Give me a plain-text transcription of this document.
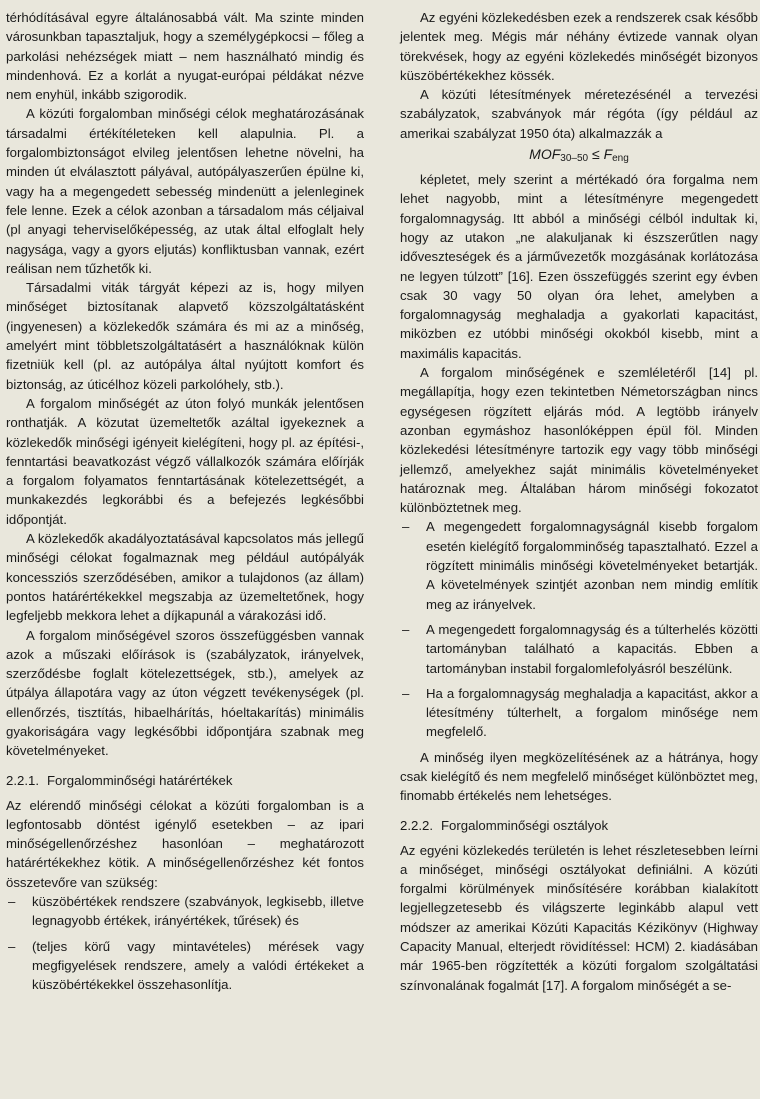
térhódításával egyre általánosabbá vált. Ma szinte minden városunkban tapasztaljuk, hogy a személygépkocsi – főleg a parkolási nehézségek miatt – nem használható mindig és mindenhová. Ez a korlát a nyugat-európai példákat nézve nem enyhül, inkább szigorodik.

A közúti forgalomban minőségi célok meghatározásának társadalmi értékítéleteken kell alapulnia. Pl. a forgalombiztonságot elvileg jelentősen lehetne növelni, ha minden út elválasztott pályával, autópályaszerűen épülne ki, vagy ha a megengedett sebesség mindenütt a jelenleginek fele lenne. Ezek a célok azonban a társadalom más céljaival (pl anyagi teherviselőképesség, az utak által elfoglalt hely nagysága, vagy a gyors eljutás) konfliktusban vannak, ezért reálisan nem tűzhetők ki.

Társadalmi viták tárgyát képezi az is, hogy milyen minőséget biztosítanak alapvető közszolgáltatásként (ingyenesen) a közlekedők számára és mi az a minőség, amelyért mint többletszolgáltatásért a használóknak külön fizetniük kell (pl. az autópálya által nyújtott komfort és biztonság, az úticélhoz közeli parkolóhely, stb.).

A forgalom minőségét az úton folyó munkák jelentősen ronthatják. A közutat üzemeltetők azáltal igyekeznek a közlekedők minőségi igényeit kielégíteni, hogy pl. az építési-, fenntartási beavatkozást végző vállalkozók számára előírják a forgalom folyamatos fenntartásának kötelezettségét, a munkakezdés legkorábbi és a befejezés legkésőbbi időpontját.

A közlekedők akadályoztatásával kapcsolatos más jellegű minőségi célokat fogalmaznak meg például autópályák koncessziós szerződésében, amikor a tulajdonos (az állam) pontos határértékekkel megszabja az üzemeltetőnek, hogy legfeljebb mekkora lehet a díjkapunál a várakozási idő.

A forgalom minőségével szoros összefüggésben vannak azok a műszaki előírások is (szabályzatok, irányelvek, szerződésbe foglalt kötelezettségek, stb.), amelyek az útpálya állapotára vagy az úton végzett tevékenységek (pl. ellenőrzés, tisztítás, hibaelhárítás, hóeltakarítás) minimális gyakoriságára vagy legkésőbbi időpontjára szabnak meg követelményeket.

2.2.1. Forgalomminőségi határértékek

Az elérendő minőségi célokat a közúti forgalomban is a legfontosabb döntést igénylő esetekben – az ipari minőségellenőrzéshez hasonlóan – meghatározott határértékekhez kötik. A minőségellenőrzéshez két fontos összetevőre van szükség:

– küszöbértékek rendszere (szabványok, legkisebb, illetve legnagyobb értékek, irányértékek, tűrések) és

– (teljes körű vagy mintavételes) mérések vagy megfigyelések rendszere, amely a valódi értékeket a küszöbértékekkel összehasonlítja.

Az egyéni közlekedésben ezek a rendszerek csak később jelentek meg. Mégis már néhány évtizede vannak olyan törekvések, hogy az egyéni közlekedés minőségét bizonyos küszöbértékekhez kössék.

A közúti létesítmények méretezésénél a tervezési szabályzatok, szabványok már régóta (így például az amerikai szabályzat 1950 óta) alkalmazzák a

$MOF_{30-50} \le F_{eng}$

képletet, mely szerint a mértékadó óra forgalma nem lehet nagyobb, mint a létesítményre megengedett forgalomnagyság. Itt abból a minőségi célból indultak ki, hogy az utakon „ne alakuljanak ki észszerűtlen nagy időveszteségek és a járművezetők mozgásának korlátozása ne legyen túlzott” [16]. Ezen összefüggés szerint egy évben csak 30 vagy 50 olyan óra lehet, amelyben a forgalomnagyság meghaladja a gyakorlati kapacitást, miközben ez utóbbi minőségi okokból kisebb, mint a maximális kapacitás.

A forgalom minőségének e szemléletéről [14] pl. megállapítja, hogy ezen tekintetben Németországban nincs egységesen rögzített eljárás mód. A legtöbb irányelv azonban egymáshoz hasonlóképpen épül föl. Minden közlekedési létesítményre tartozik egy vagy több minőségi jellemző, amelyekhez saját minimális követelményeket határoznak meg. Általában három minőségi fokozatot különböztetnek meg.

– A megengedett forgalomnagyságnál kisebb forgalom esetén kielégítő forgalomminőség tapasztalható. Ezzel a rögzített minimális minőségi követelményeket betartják. A követelmények szintjét azonban nem mindig említik meg az irányelvek.

– A megengedett forgalomnagyság és a túlterhelés közötti tartományban található a kapacitás. Ebben a tartományban instabil forgalomlefolyásról beszélünk.

– Ha a forgalomnagyság meghaladja a kapacitást, akkor a létesítmény túlterhelt, a forgalom minősége nem megfelelő.

A minőség ilyen megközelítésének az a hátránya, hogy csak kielégítő és nem megfelelő minőséget különböztet meg, finomabb értékelés nem lehetséges.

2.2.2. Forgalomminőségi osztályok

Az egyéni közlekedés területén is lehet részletesebben leírni a minőséget, minőségi osztályokat definiálni. A közúti forgalmi körülmények minősítésére korábban kialakított legjellegzetesebb és világszerte leginkább alapul vett módszer az amerikai Közúti Kapacitás Kézikönyv (Highway Capacity Manual, elterjedt rövidítéssel: HCM) 2. kiadásában már 1965-ben rögzítették a közúti forgalom szolgáltatási színvonalának fogalmát [17]. A forgalom minőségét a se-
